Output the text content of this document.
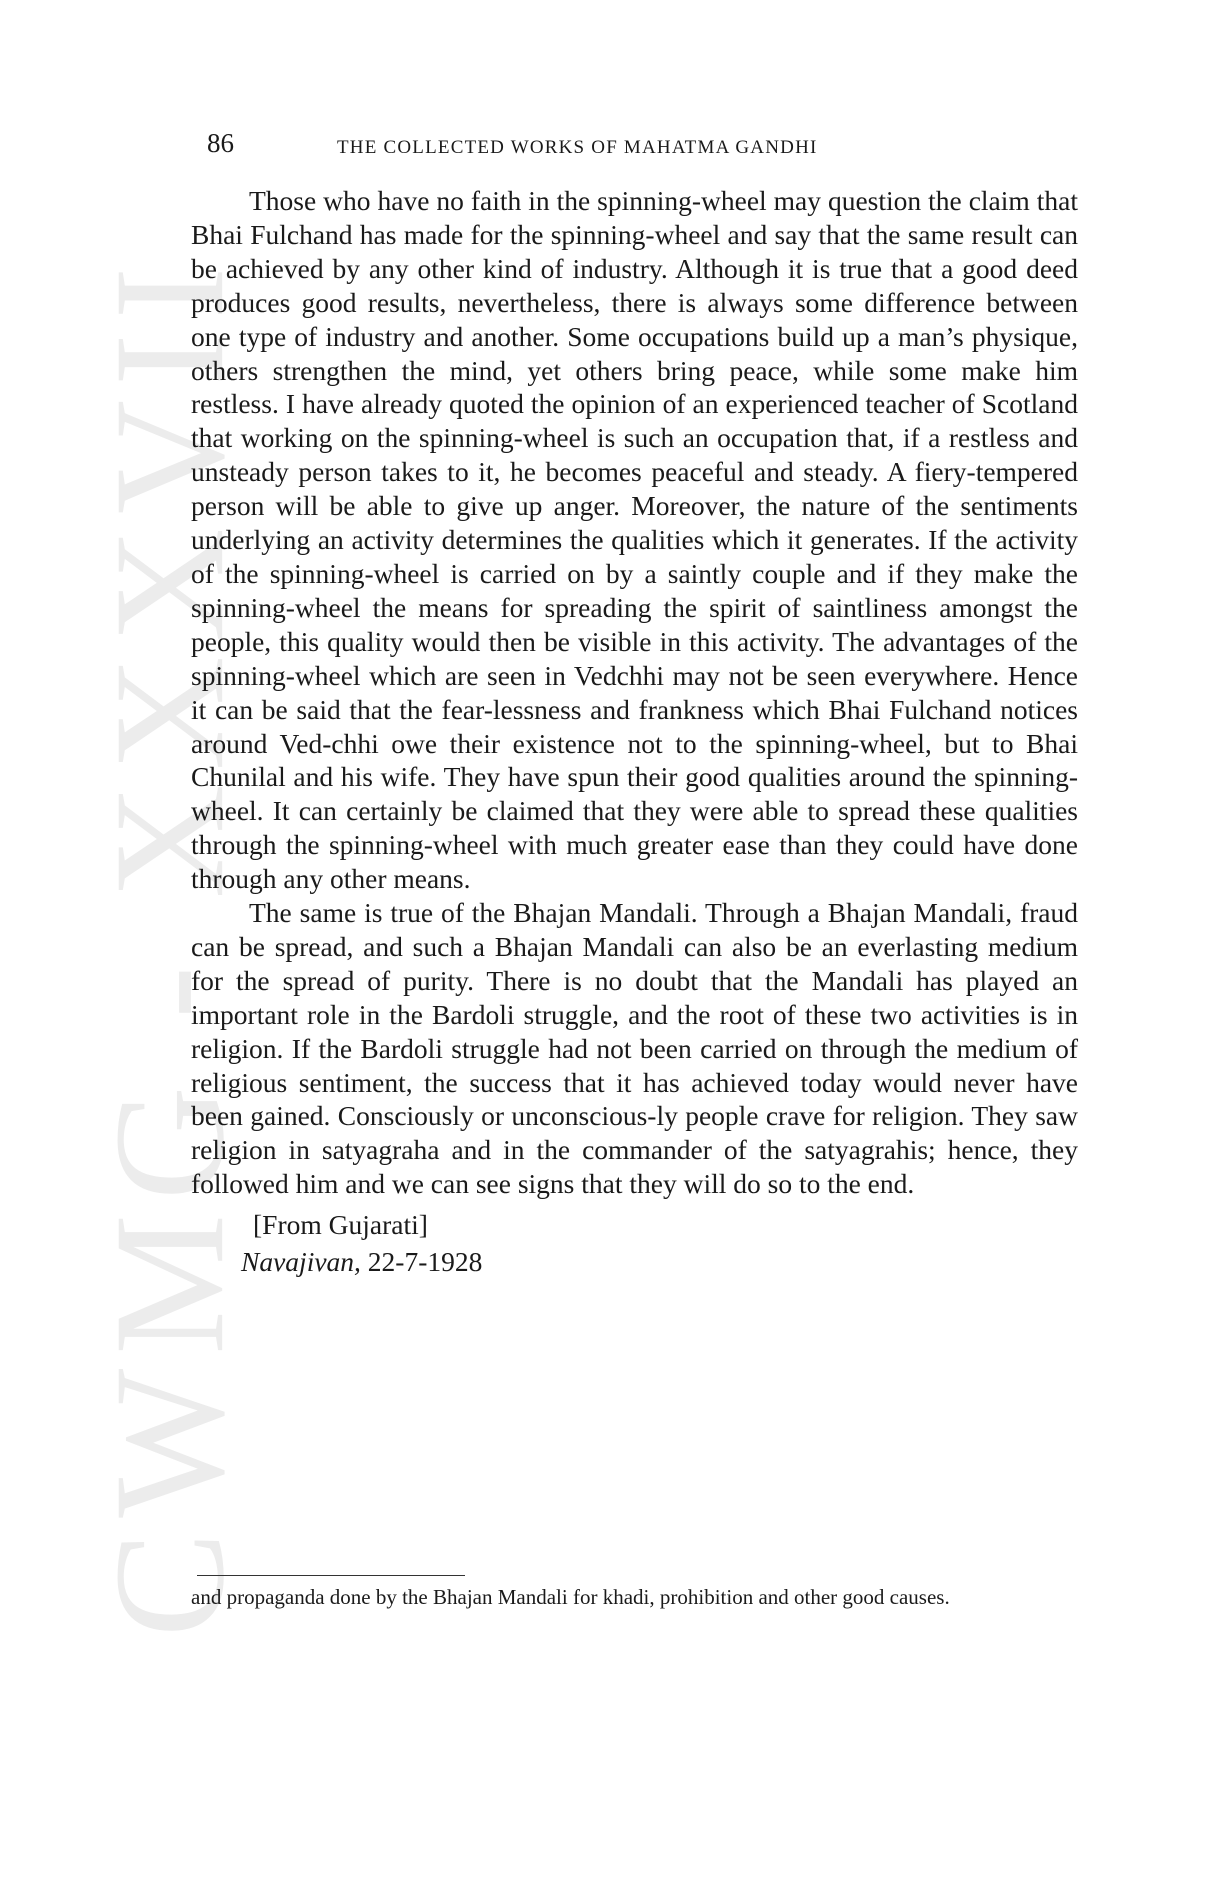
CWMG - XXXVII
86	THE COLLECTED WORKS OF MAHATMA GANDHI

Those who have no faith in the spinning-wheel may question the claim that Bhai Fulchand has made for the spinning-wheel and say that the same result can be achieved by any other kind of industry. Although it is true that a good deed produces good results, nevertheless, there is always some difference between one type of industry and another. Some occupations build up a man’s physique, others strengthen the mind, yet others bring peace, while some make him restless. I have already quoted the opinion of an experienced teacher of Scotland that working on the spinning-wheel is such an occupation that, if a restless and unsteady person takes to it, he becomes peaceful and steady. A fiery-tempered person will be able to give up anger. Moreover, the nature of the sentiments underlying an activity determines the qualities which it generates. If the activity of the spinning-wheel is carried on by a saintly couple and if they make the spinning-wheel the means for spreading the spirit of saintliness amongst the people, this quality would then be visible in this activity. The advantages of the spinning-wheel which are seen in Vedchhi may not be seen everywhere. Hence it can be said that the fear-lessness and frankness which Bhai Fulchand notices around Ved-chhi owe their existence not to the spinning-wheel, but to Bhai Chunilal and his wife. They have spun their good qualities around the spinning-wheel. It can certainly be claimed that they were able to spread these qualities through the spinning-wheel with much greater ease than they could have done through any other means.

The same is true of the Bhajan Mandali. Through a Bhajan Mandali, fraud can be spread, and such a Bhajan Mandali can also be an everlasting medium for the spread of purity. There is no doubt that the Mandali has played an important role in the Bardoli struggle, and the root of these two activities is in religion. If the Bardoli struggle had not been carried on through the medium of religious sentiment, the success that it has achieved today would never have been gained. Consciously or unconscious-ly people crave for religion. They saw religion in satyagraha and in the commander of the satyagrahis; hence, they followed him and we can see signs that they will do so to the end.

[From Gujarati]
Navajivan, 22-7-1928
and propaganda done by the Bhajan Mandali for khadi, prohibition and other good causes.
